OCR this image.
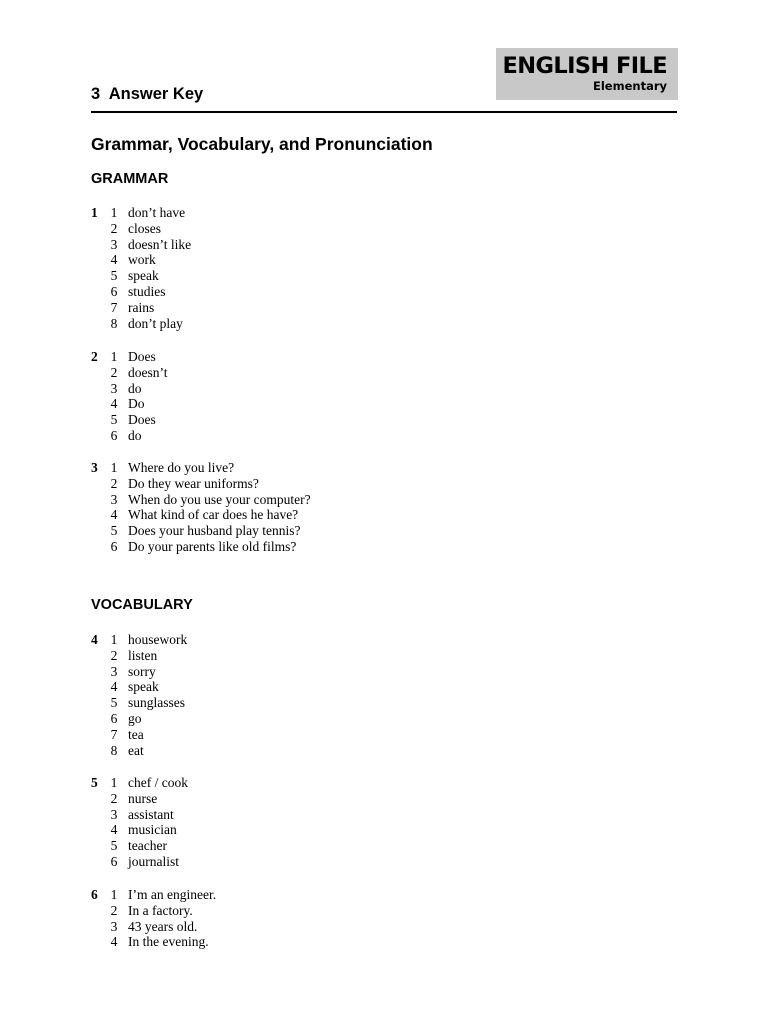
ENGLISH FILE
Elementary
3  Answer Key
Grammar, Vocabulary, and Pronunciation
GRAMMAR
1 1 don’t have
2 closes
3 doesn’t like
4 work
5 speak
6 studies
7 rains
8 don’t play
2 1 Does
2 doesn’t
3 do
4 Do
5 Does
6 do
3 1 Where do you live?
2 Do they wear uniforms?
3 When do you use your computer?
4 What kind of car does he have?
5 Does your husband play tennis?
6 Do your parents like old films?
VOCABULARY
4 1 housework
2 listen
3 sorry
4 speak
5 sunglasses
6 go
7 tea
8 eat
5 1 chef / cook
2 nurse
3 assistant
4 musician
5 teacher
6 journalist
6 1 I’m an engineer.
2 In a factory.
3 43 years old.
4 In the evening.
